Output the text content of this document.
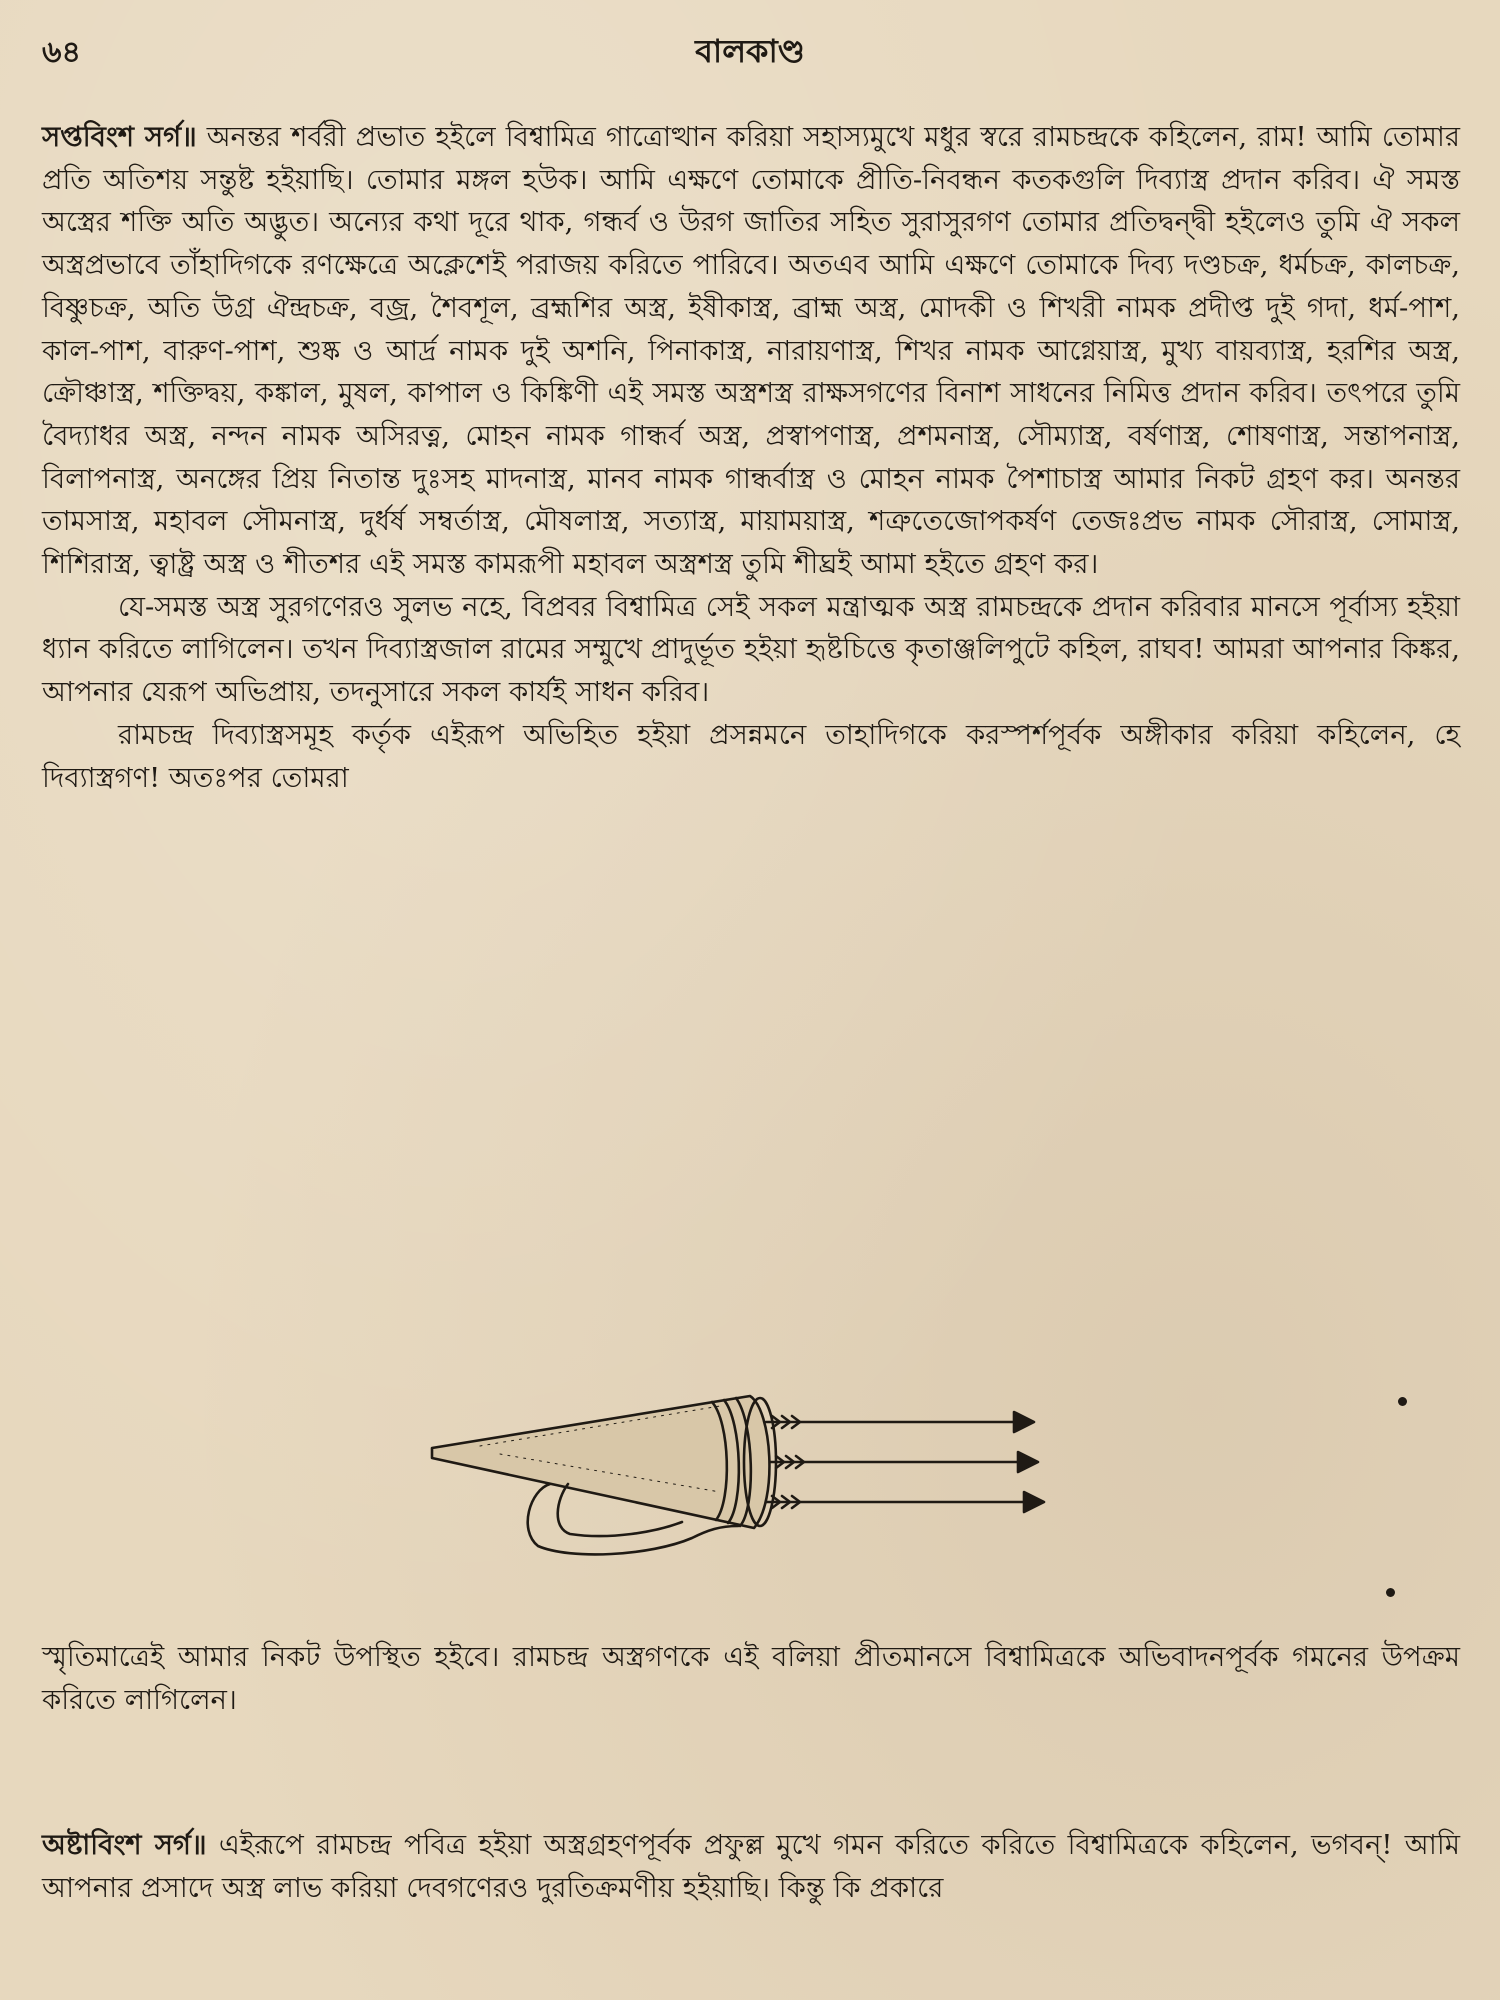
৬৪	বালকাণ্ড

সপ্তবিংশ সর্গ॥ অনন্তর শর্বরী প্রভাত হইলে বিশ্বামিত্র গাত্রোত্থান করিয়া সহাস্যমুখে মধুর স্বরে রামচন্দ্রকে কহিলেন, রাম! আমি তোমার প্রতি অতিশয় সন্তুষ্ট হইয়াছি। তোমার মঙ্গল হউক। আমি এক্ষণে তোমাকে প্রীতি-নিবন্ধন কতকগুলি দিব্যাস্ত্র প্রদান করিব। ঐ সমস্ত অস্ত্রের শক্তি অতি অদ্ভুত। অন্যের কথা দূরে থাক, গন্ধর্ব ও উরগ জাতির সহিত সুরাসুরগণ তোমার প্রতিদ্বন্দ্বী হইলেও তুমি ঐ সকল অস্ত্রপ্রভাবে তাঁহাদিগকে রণক্ষেত্রে অক্লেশেই পরাজয় করিতে পারিবে। অতএব আমি এক্ষণে তোমাকে দিব্য দণ্ডচক্র, ধর্মচক্র, কালচক্র, বিষ্ণুচক্র, অতি উগ্র ঐন্দ্রচক্র, বজ্র, শৈবশূল, ব্রহ্মশির অস্ত্র, ইষীকাস্ত্র, ব্রাহ্ম অস্ত্র, মোদকী ও শিখরী নামক প্রদীপ্ত দুই গদা, ধর্ম-পাশ, কাল-পাশ, বারুণ-পাশ, শুষ্ক ও আর্দ্র নামক দুই অশনি, পিনাকাস্ত্র, নারায়ণাস্ত্র, শিখর নামক আগ্নেয়াস্ত্র, মুখ্য বায়ব্যাস্ত্র, হরশির অস্ত্র, ক্রৌঞ্চাস্ত্র, শক্তিদ্বয়, কঙ্কাল, মুষল, কাপাল ও কিঙ্কিণী এই সমস্ত অস্ত্রশস্ত্র রাক্ষসগণের বিনাশ সাধনের নিমিত্ত প্রদান করিব। তৎপরে তুমি বৈদ্যাধর অস্ত্র, নন্দন নামক অসিরত্ন, মোহন নামক গান্ধর্ব অস্ত্র, প্রস্বাপণাস্ত্র, প্রশমনাস্ত্র, সৌম্যাস্ত্র, বর্ষণাস্ত্র, শোষণাস্ত্র, সন্তাপনাস্ত্র, বিলাপনাস্ত্র, অনঙ্গের প্রিয় নিতান্ত দুঃসহ মাদনাস্ত্র, মানব নামক গান্ধর্বাস্ত্র ও মোহন নামক পৈশাচাস্ত্র আমার নিকট গ্রহণ কর। অনন্তর তামসাস্ত্র, মহাবল সৌমনাস্ত্র, দুর্ধর্ষ সম্বর্তাস্ত্র, মৌষলাস্ত্র, সত্যাস্ত্র, মায়াময়াস্ত্র, শত্রুতেজোপকর্ষণ তেজঃপ্রভ নামক সৌরাস্ত্র, সোমাস্ত্র, শিশিরাস্ত্র, ত্বাষ্ট্র অস্ত্র ও শীতশর এই সমস্ত কামরূপী মহাবল অস্ত্রশস্ত্র তুমি শীঘ্রই আমা হইতে গ্রহণ কর।

যে-সমস্ত অস্ত্র সুরগণেরও সুলভ নহে, বিপ্রবর বিশ্বামিত্র সেই সকল মন্ত্রাত্মক অস্ত্র রামচন্দ্রকে প্রদান করিবার মানসে পূর্বাস্য হইয়া ধ্যান করিতে লাগিলেন। তখন দিব্যাস্ত্রজাল রামের সম্মুখে প্রাদুর্ভূত হইয়া হৃষ্টচিত্তে কৃতাঞ্জলিপুটে কহিল, রাঘব! আমরা আপনার কিঙ্কর, আপনার যেরূপ অভিপ্রায়, তদনুসারে সকল কার্যই সাধন করিব।

রামচন্দ্র দিব্যাস্ত্রসমূহ কর্তৃক এইরূপ অভিহিত হইয়া প্রসন্নমনে তাহাদিগকে করস্পর্শপূর্বক অঙ্গীকার করিয়া কহিলেন, হে দিব্যাস্ত্রগণ! অতঃপর তোমরা

স্মৃতিমাত্রেই আমার নিকট উপস্থিত হইবে। রামচন্দ্র অস্ত্রগণকে এই বলিয়া প্রীতমানসে বিশ্বামিত্রকে অভিবাদনপূর্বক গমনের উপক্রম করিতে লাগিলেন।

অষ্টাবিংশ সর্গ॥ এইরূপে রামচন্দ্র পবিত্র হইয়া অস্ত্রগ্রহণপূর্বক প্রফুল্ল মুখে গমন করিতে করিতে বিশ্বামিত্রকে কহিলেন, ভগবন্! আমি আপনার প্রসাদে অস্ত্র লাভ করিয়া দেবগণেরও দুরতিক্রমণীয় হইয়াছি। কিন্তু কি প্রকারে
